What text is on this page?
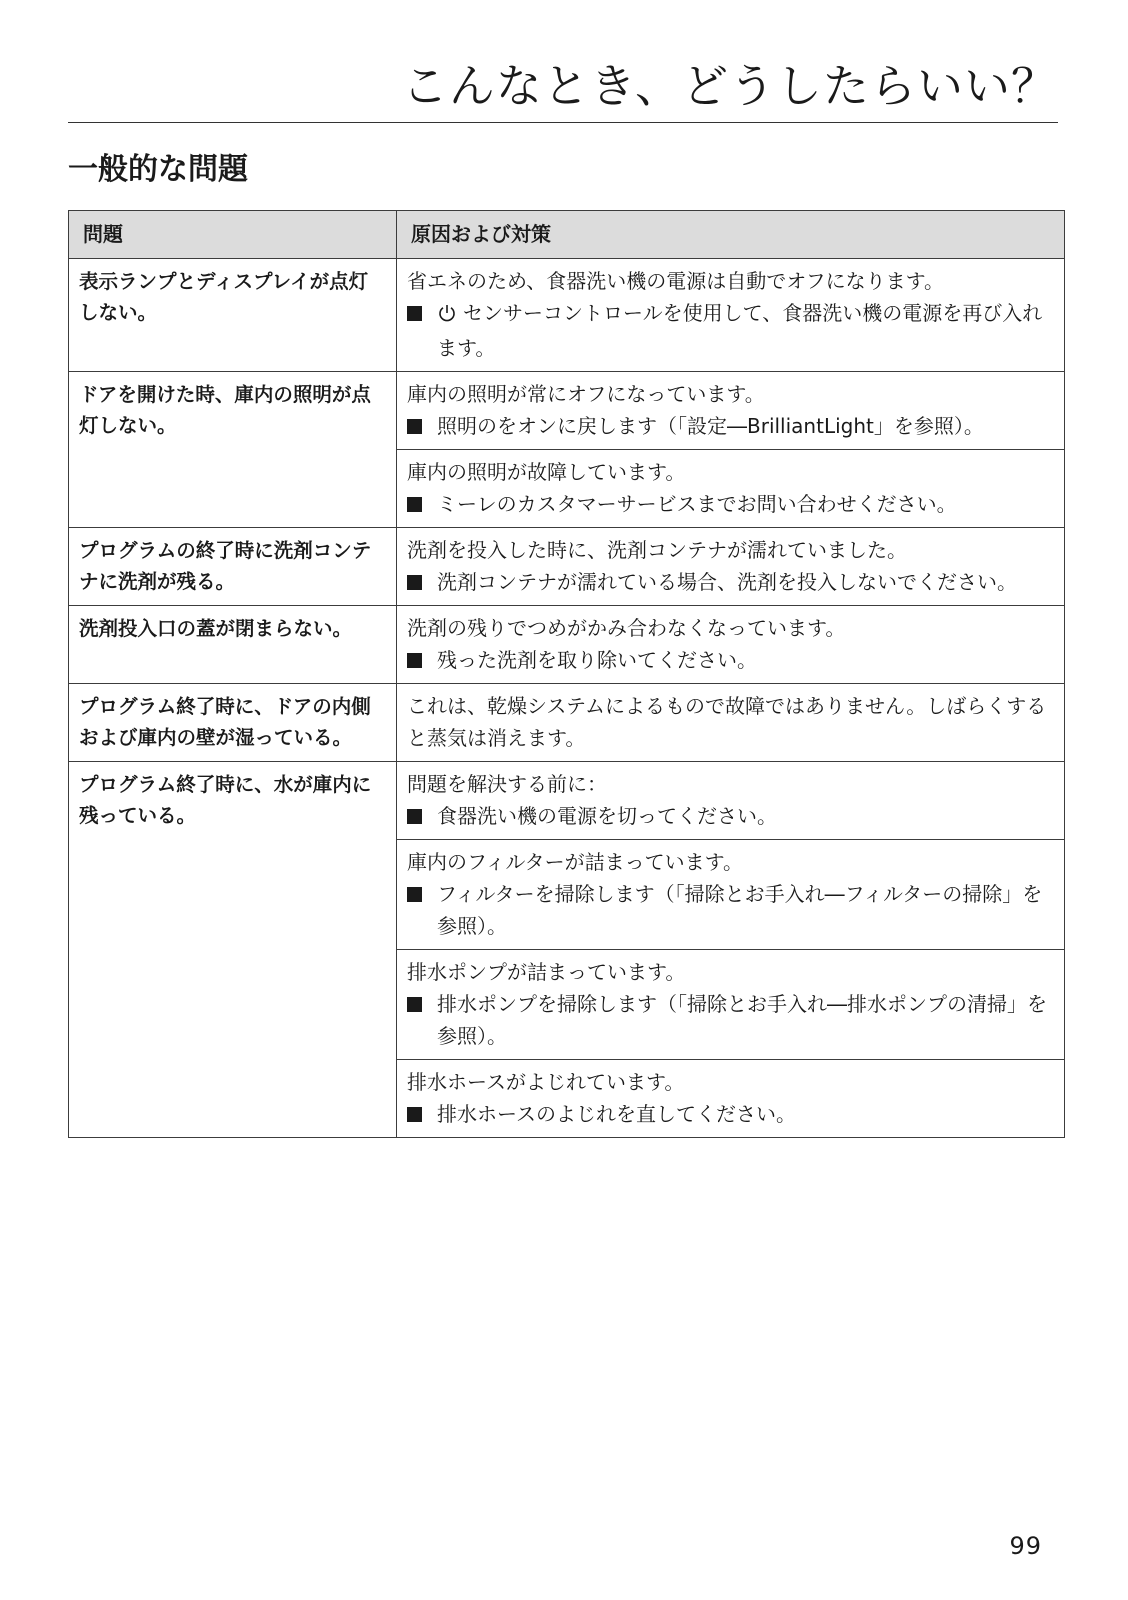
こんなとき、どうしたらいい？
一般的な問題
問題	原因および対策
表示ランプとディスプレイが点灯しない。	省エネのため、食器洗い機の電源は自動でオフになります。

センサーコントロールを使用して、食器洗い機の電源を再び入れます。

ドアを開けた時、庫内の照明が点灯しない。	庫内の照明が常にオフになっています。

照明のをオンに戻します（「設定―BrilliantLight」を参照）。

	庫内の照明が故障しています。

ミーレのカスタマーサービスまでお問い合わせください。

プログラムの終了時に洗剤コンテナに洗剤が残る。	洗剤を投入した時に、洗剤コンテナが濡れていました。

洗剤コンテナが濡れている場合、洗剤を投入しないでください。

洗剤投入口の蓋が閉まらない。	洗剤の残りでつめがかみ合わなくなっています。

残った洗剤を取り除いてください。

プログラム終了時に、ドアの内側および庫内の壁が湿っている。	これは、乾燥システムによるもので故障ではありません。しばらくすると蒸気は消えます。

プログラム終了時に、水が庫内に残っている。	問題を解決する前に：

食器洗い機の電源を切ってください。

	庫内のフィルターが詰まっています。

フィルターを掃除します（「掃除とお手入れ―フィルターの掃除」を参照）。

	排水ポンプが詰まっています。

排水ポンプを掃除します（「掃除とお手入れ―排水ポンプの清掃」を参照）。

	排水ホースがよじれています。

排水ホースのよじれを直してください。
99
